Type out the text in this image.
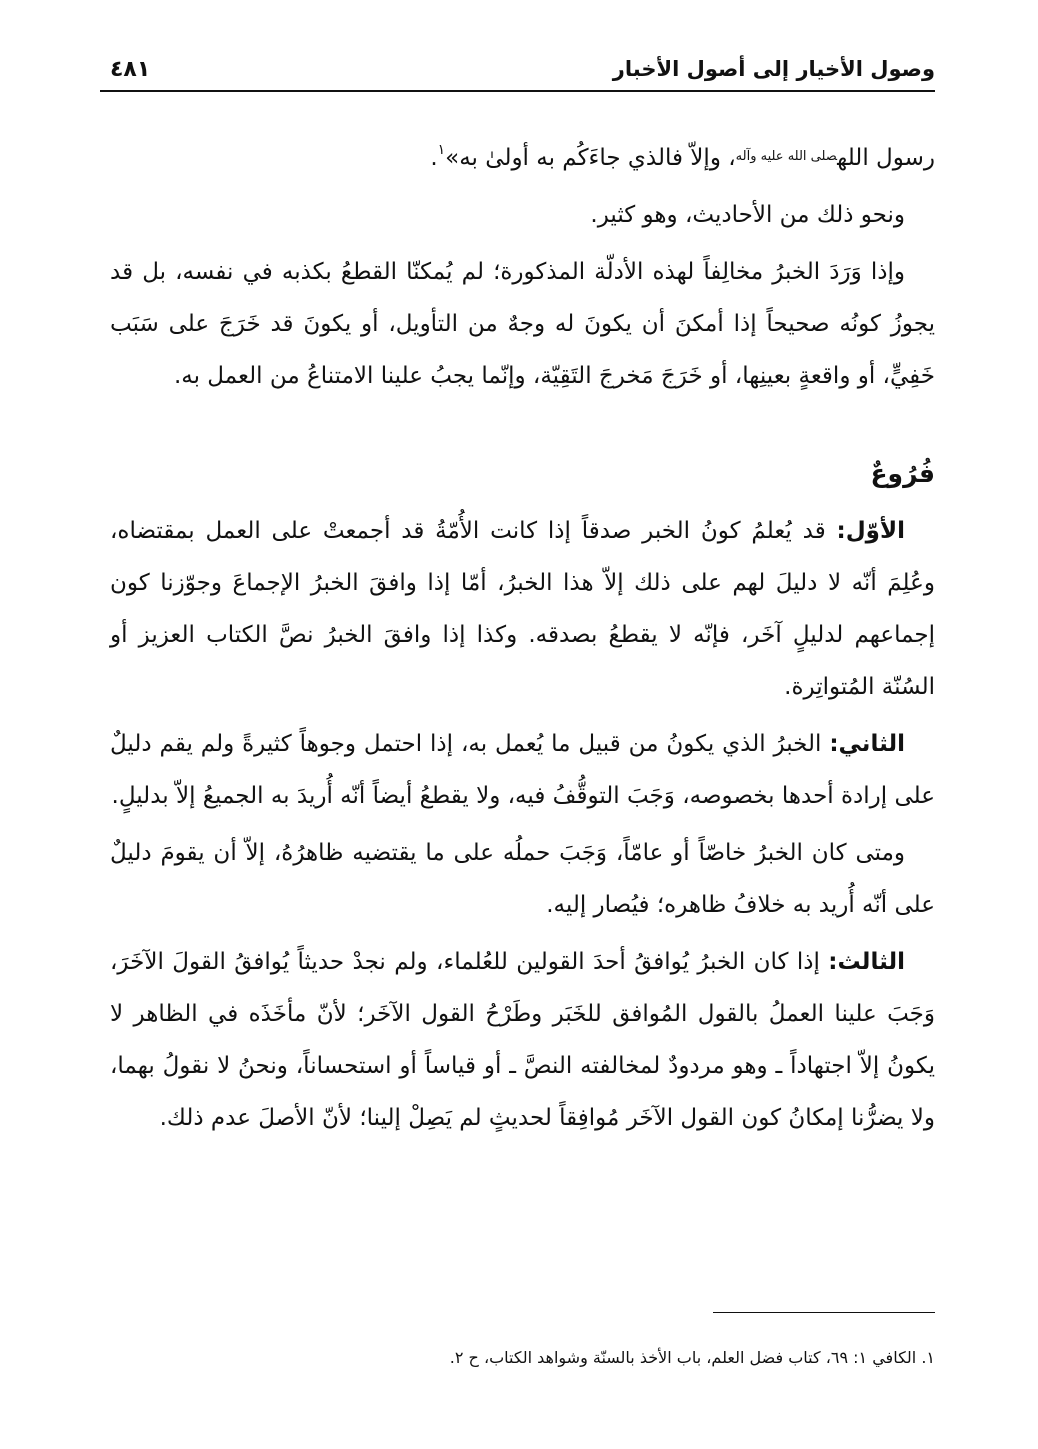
وصول الأخيار إلى أصول الأخبار
٤٨١

رسول الله$^{صلى الله عليه وآله}$، وإلاّ فالذي جاءَكُم به أولىٰ به»$^١$.

ونحو ذلك من الأحاديث، وهو كثير.

وإذا وَرَدَ الخبرُ مخالِفاً لهذه الأدلّة المذكورة؛ لم يُمكنّا القطعُ بكذبه في نفسه، بل قد يجوزُ كونُه صحيحاً إذا أمكنَ أن يكونَ له وجهٌ من التأويل، أو يكونَ قد خَرَجَ على سَبَب خَفِيٍّ، أو واقعةٍ بعينِها، أو خَرَجَ مَخرجَ التَقِيّة، وإنّما يجبُ علينا الامتناعُ من العمل به.

فُرُوعٌ

الأوّل: قد يُعلمُ كونُ الخبر صدقاً إذا كانت الأُمّةُ قد أجمعتْ على العمل بمقتضاه، وعُلِمَ أنّه لا دليلَ لهم على ذلك إلاّ هذا الخبرُ، أمّا إذا وافقَ الخبرُ الإجماعَ وجوّزنا كون إجماعهم لدليلٍ آخَر، فإنّه لا يقطعُ بصدقه. وكذا إذا وافقَ الخبرُ نصَّ الكتاب العزيز أو السُنّة المُتواتِرة.

الثاني: الخبرُ الذي يكونُ من قبيل ما يُعمل به، إذا احتمل وجوهاً كثيرةً ولم يقم دليلٌ على إرادة أحدها بخصوصه، وَجَبَ التوقُّفُ فيه، ولا يقطعُ أيضاً أنّه أُريدَ به الجميعُ إلاّ بدليلٍ.

ومتى كان الخبرُ خاصّاً أو عامّاً، وَجَبَ حملُه على ما يقتضيه ظاهرُهُ، إلاّ أن يقومَ دليلٌ على أنّه أُريد به خلافُ ظاهره؛ فيُصار إليه.

الثالث: إذا كان الخبرُ يُوافقُ أحدَ القولين للعُلماء، ولم نجدْ حديثاً يُوافقُ القولَ الآخَرَ، وَجَبَ علينا العملُ بالقول المُوافق للخَبَر وطَرْحُ القول الآخَر؛ لأنّ مأخَذَه في الظاهر لا يكونُ إلاّ اجتهاداً ـ وهو مردودٌ لمخالفته النصَّ ـ أو قياساً أو استحساناً، ونحنُ لا نقولُ بهما، ولا يضرُّنا إمكانُ كون القول الآخَر مُوافِقاً لحديثٍ لم يَصِلْ إلينا؛ لأنّ الأصلَ عدم ذلك.

١. الكافي ١: ٦٩، كتاب فضل العلم، باب الأخذ بالسنّة وشواهد الكتاب، ح ٢.
